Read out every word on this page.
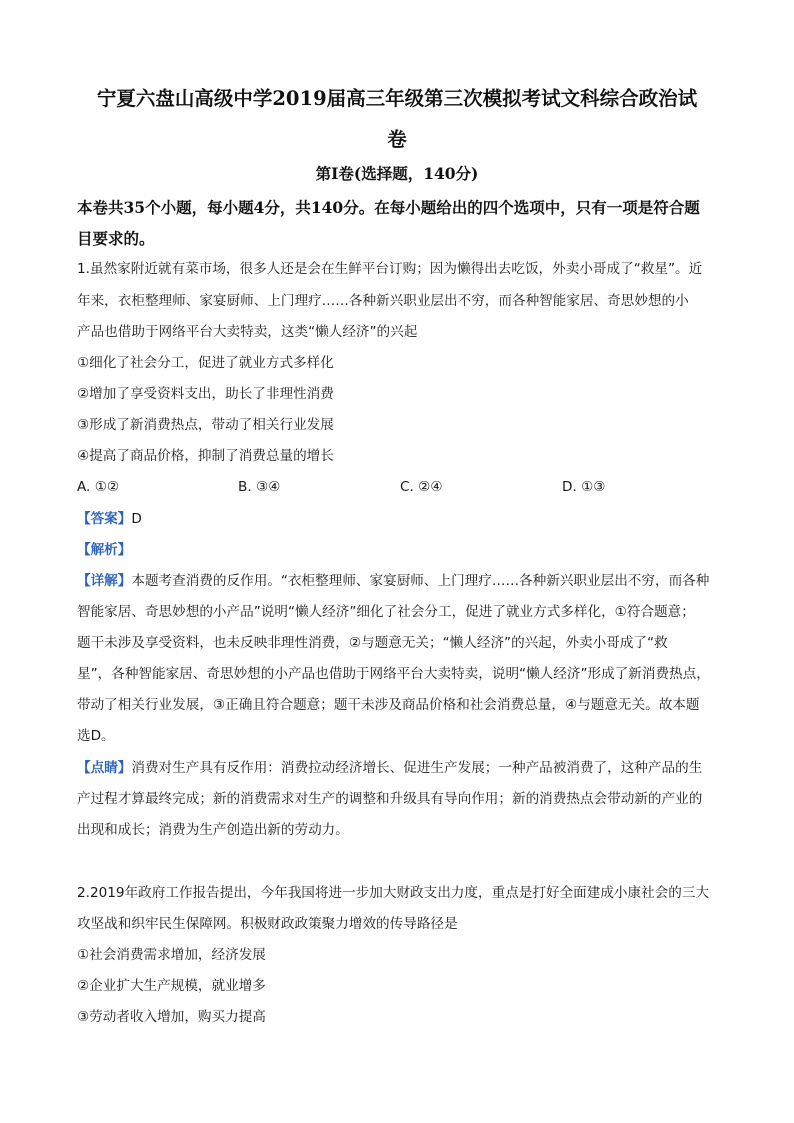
宁夏六盘山高级中学2019届高三年级第三次模拟考试文科综合政治试
卷
第Ⅰ卷(选择题，140分)
本卷共35个小题，每小题4分，共140分。在每小题给出的四个选项中，只有一项是符合题
目要求的。
1.虽然家附近就有菜市场，很多人还是会在生鲜平台订购；因为懒得出去吃饭，外卖小哥成了“救星”。近
年来，衣柜整理师、家宴厨师、上门理疗……各种新兴职业层出不穷，而各种智能家居、奇思妙想的小
产品也借助于网络平台大卖特卖，这类“懒人经济”的兴起
①细化了社会分工，促进了就业方式多样化
②增加了享受资料支出，助长了非理性消费
③形成了新消费热点，带动了相关行业发展
④提高了商品价格，抑制了消费总量的增长
A. ①②	B. ③④	C. ②④	D. ①③
【答案】D
【解析】
【详解】本题考查消费的反作用。“衣柜整理师、家宴厨师、上门理疗……各种新兴职业层出不穷，而各种
智能家居、奇思妙想的小产品”说明“懒人经济”细化了社会分工，促进了就业方式多样化，①符合题意；
题干未涉及享受资料，也未反映非理性消费，②与题意无关；“懒人经济”的兴起，外卖小哥成了“救
星”，各种智能家居、奇思妙想的小产品也借助于网络平台大卖特卖，说明“懒人经济”形成了新消费热点，
带动了相关行业发展，③正确且符合题意；题干未涉及商品价格和社会消费总量，④与题意无关。故本题
选D。
【点睛】消费对生产具有反作用：消费拉动经济增长、促进生产发展；一种产品被消费了，这种产品的生
产过程才算最终完成；新的消费需求对生产的调整和升级具有导向作用；新的消费热点会带动新的产业的
出现和成长；消费为生产创造出新的劳动力。
2.2019年政府工作报告提出，今年我国将进一步加大财政支出力度，重点是打好全面建成小康社会的三大
攻坚战和织牢民生保障网。积极财政政策聚力增效的传导路径是
①社会消费需求增加，经济发展
②企业扩大生产规模，就业增多
③劳动者收入增加，购买力提高
